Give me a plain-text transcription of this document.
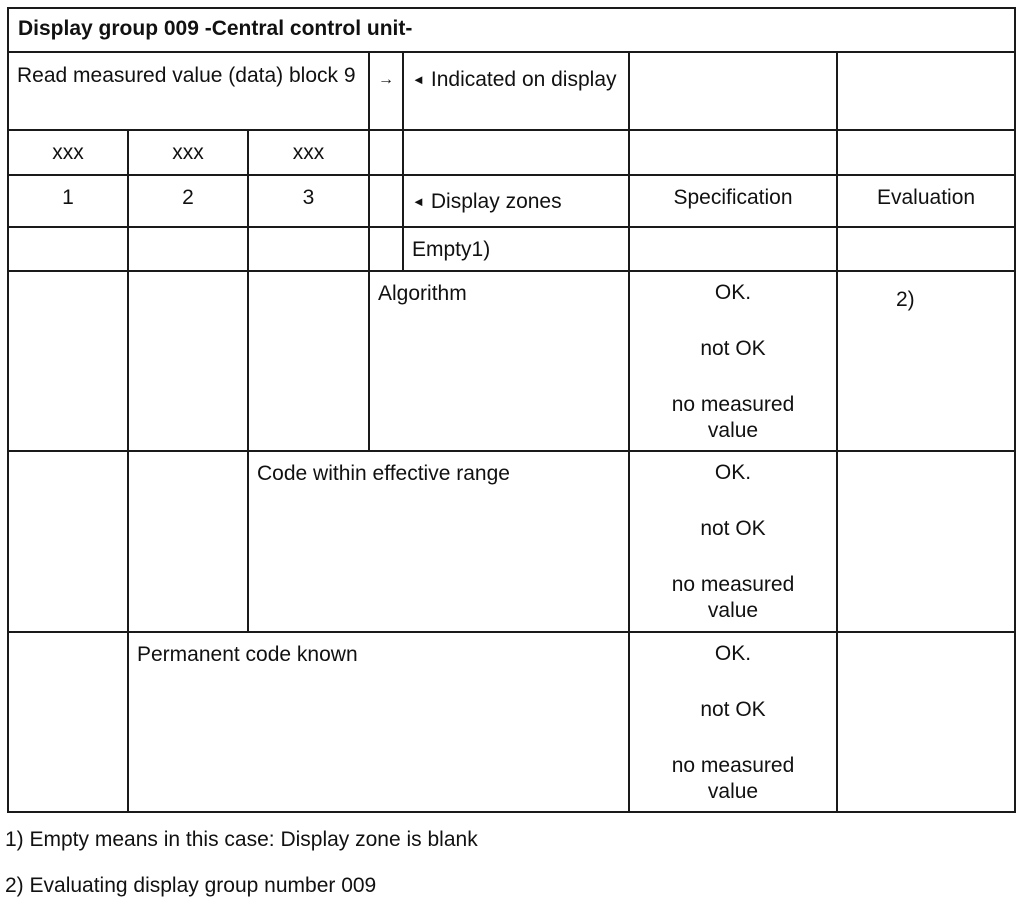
Display group 009 -Central control unit-						
Read measured value (data) block 9			→	◄ Indicated on display		
xxx	xxx	xxx				
1	2	3		◄ Display zones	Specification	Evaluation
				Empty1)		
			Algorithm		OK.
not OK
no measured value	2)
		Code within effective range			OK.
not OK
no measured value	

	Permanent code known				OK.
not OK
no measured value	

1) Empty means in this case: Display zone is blank
2) Evaluating display group number 009
